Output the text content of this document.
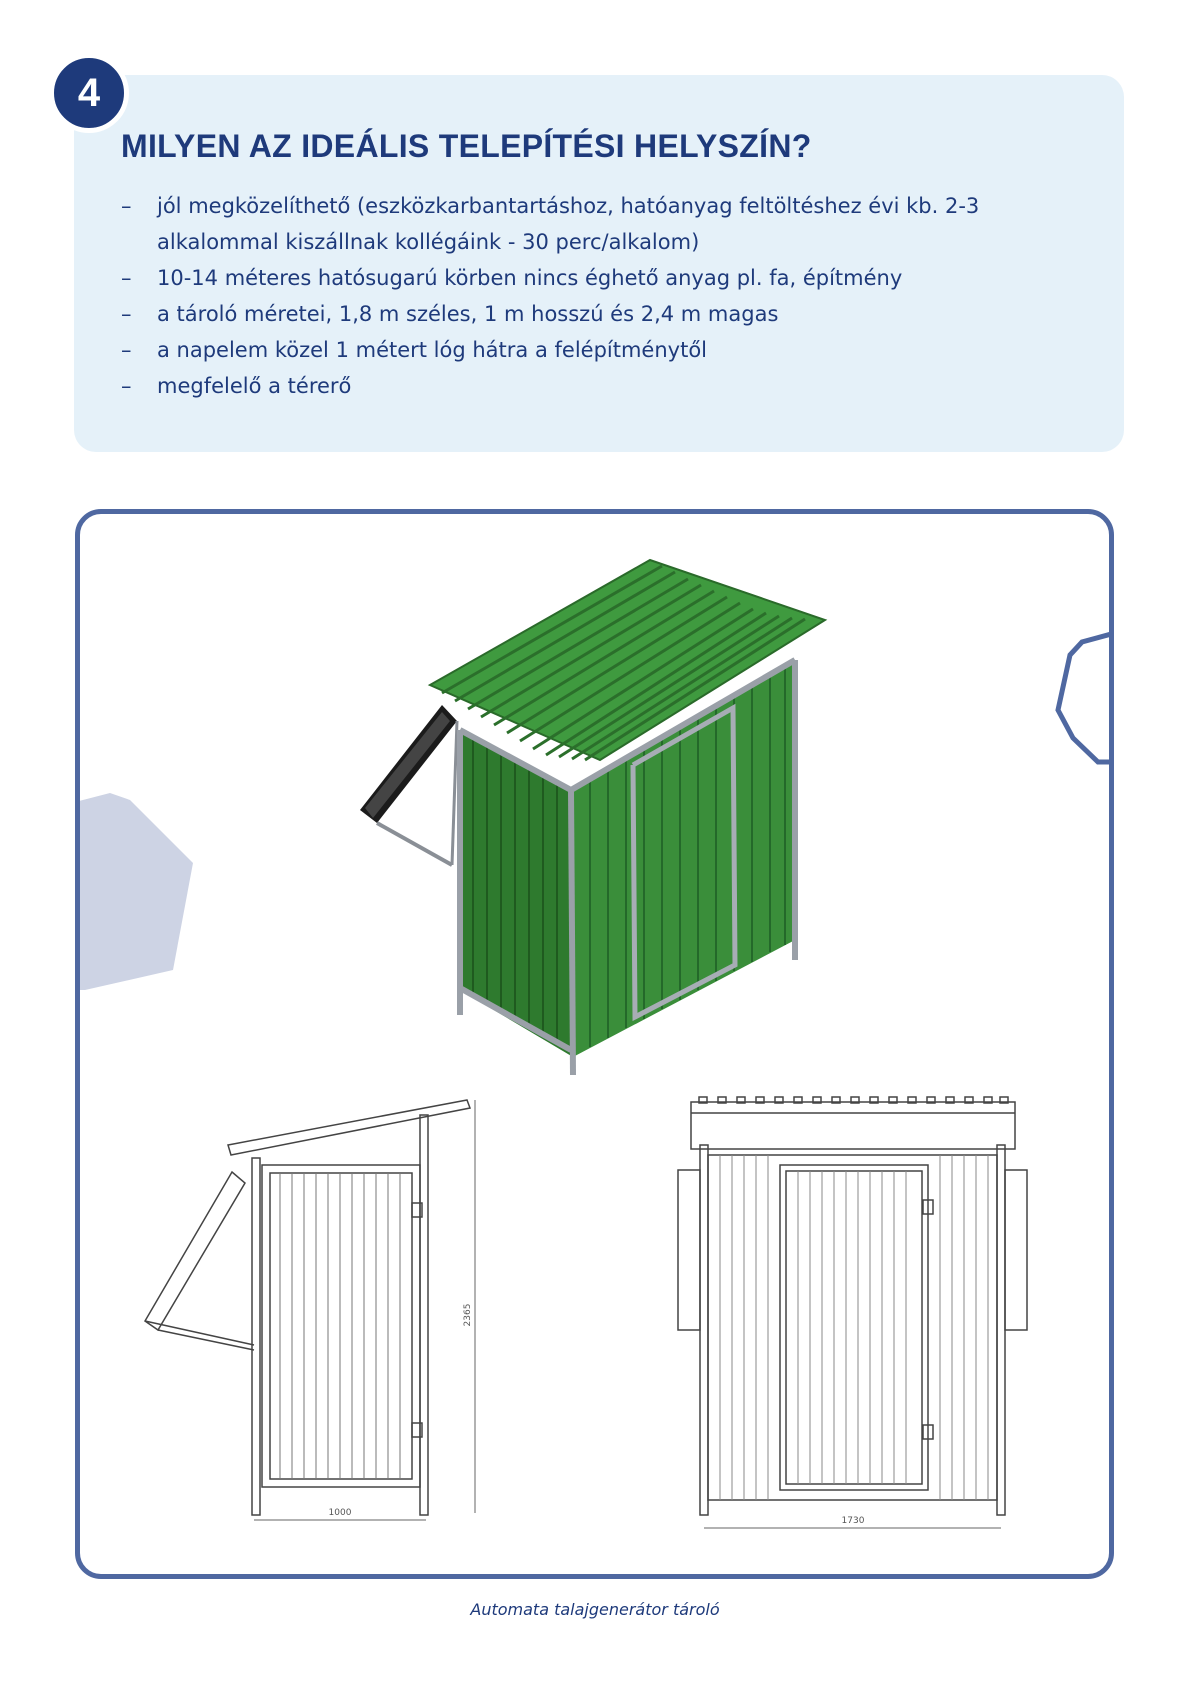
4
MILYEN AZ IDEÁLIS TELEPÍTÉSI HELYSZÍN?
– jól megközelíthető (eszközkarbantartáshoz, hatóanyag feltöltéshez évi kb. 2-3 alkalommal kiszállnak kollégáink - 30 perc/alkalom)
– 10-14 méteres hatósugarú körben nincs éghető anyag pl. fa, építmény
– a tároló méretei, 1,8 m széles, 1 m hosszú és 2,4 m magas
– a napelem közel 1 métert lóg hátra a felépítménytől
– megfelelő a térerő
2365
1000
1730
Automata talajgenerátor tároló
